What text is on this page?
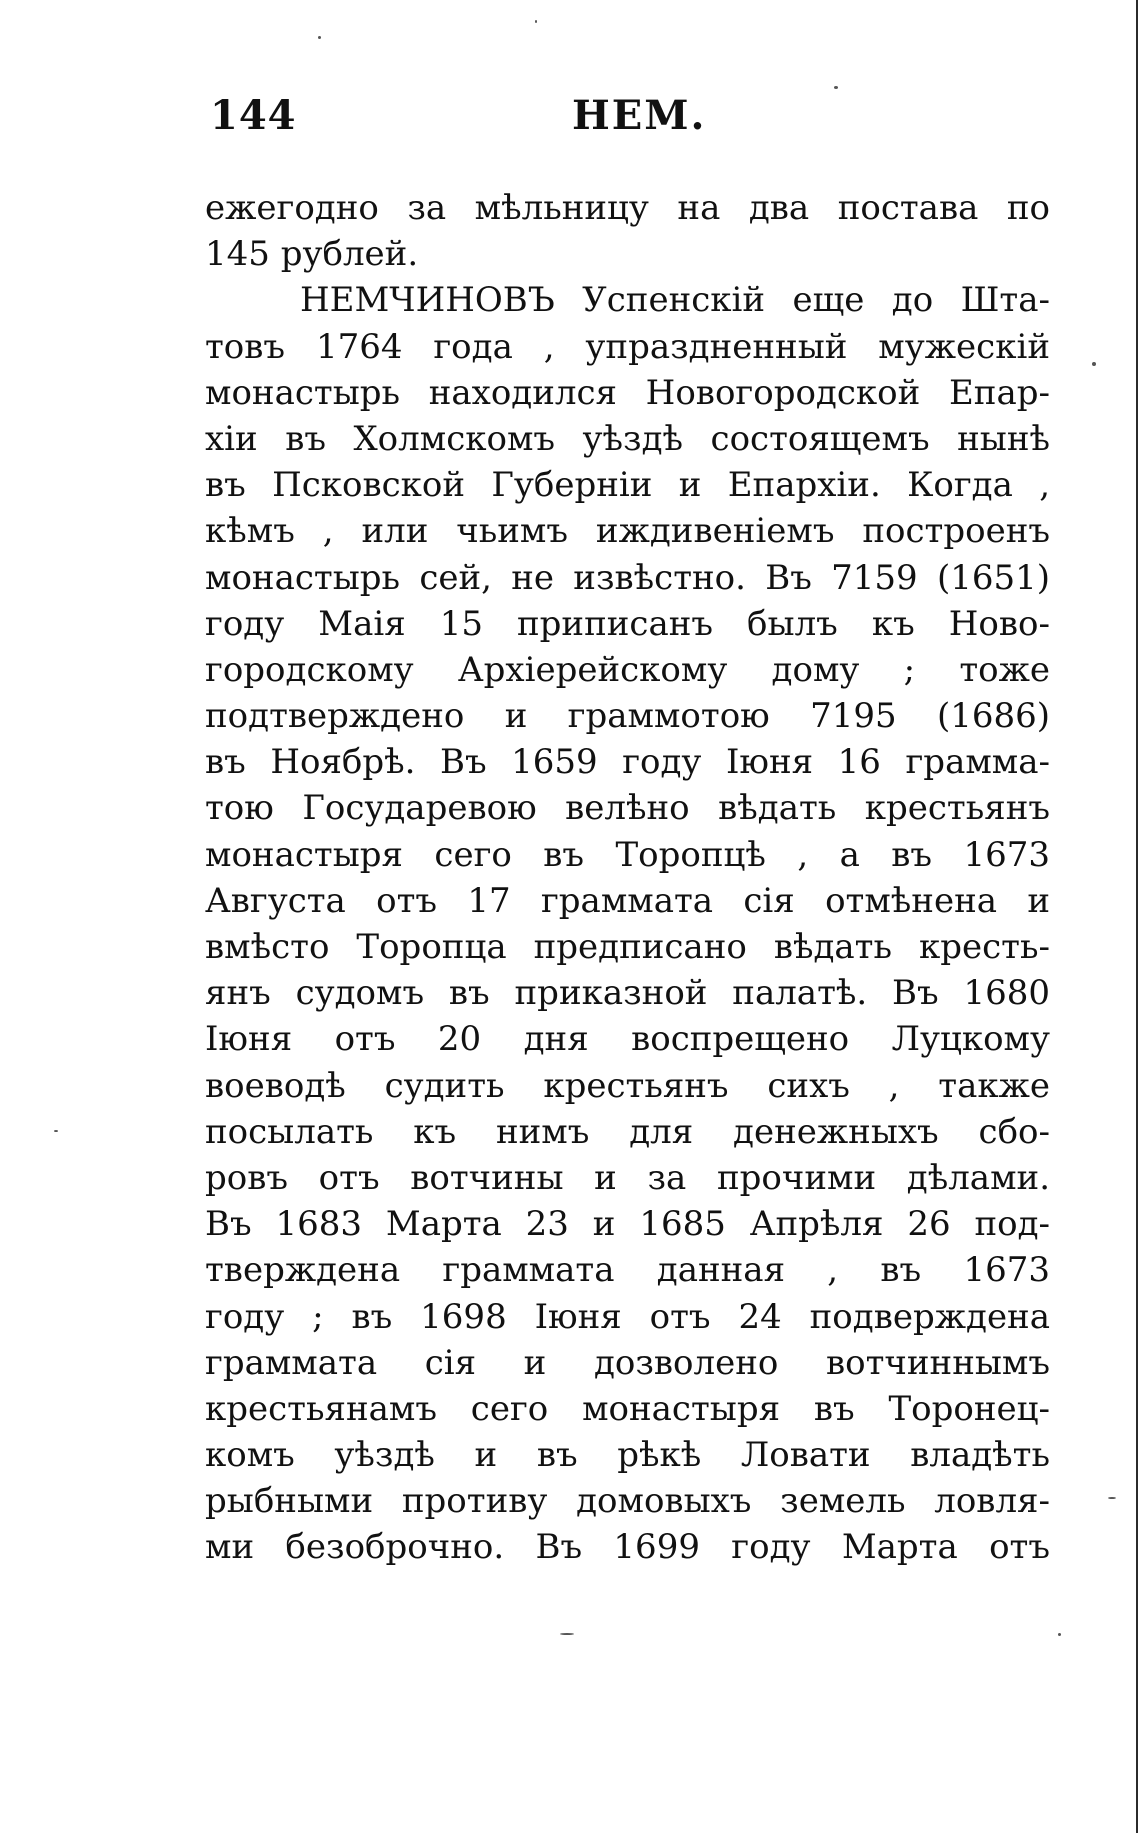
144	НЕМ.
ежегодно за мѣльницу на два постава по
145 рублей.
НЕМЧИНОВЪ Успенскій еще до Шта-
товъ 1764 года , упраздненный мужескій
монастырь находился Новогородской Епар-
хіи въ Холмскомъ уѣздѣ состоящемъ нынѣ
въ Псковской Губерніи и Епархіи. Когда ,
кѣмъ , или чьимъ иждивеніемъ построенъ
монастырь сей, не извѣстно. Въ 7159 (1651)
году Маія 15 приписанъ былъ къ Ново-
городскому Архіерейскому дому ; тоже
подтверждено и граммотою 7195 (1686)
въ Ноябрѣ. Въ 1659 году Іюня 16 грамма-
тою Государевою велѣно вѣдать крестьянъ
монастыря сего въ Торопцѣ , а въ 1673
Августа отъ 17 граммата сія отмѣнена и
вмѣсто Торопца предписано вѣдать кресть-
янъ судомъ въ приказной палатѣ. Въ 1680
Іюня отъ 20 дня воспрещено Луцкому
воеводѣ судить крестьянъ сихъ , также
посылать къ нимъ для денежныхъ сбо-
ровъ отъ вотчины и за прочими дѣлами.
Въ 1683 Марта 23 и 1685 Апрѣля 26 под-
тверждена граммата данная , въ 1673
году ; въ 1698 Іюня отъ 24 подверждена
граммата сія и дозволено вотчиннымъ
крестьянамъ сего монастыря въ Торонец-
комъ уѣздѣ и въ рѣкѣ Ловати владѣть
рыбными противу домовыхъ земель ловля-
ми безоброчно. Въ 1699 году Марта отъ
